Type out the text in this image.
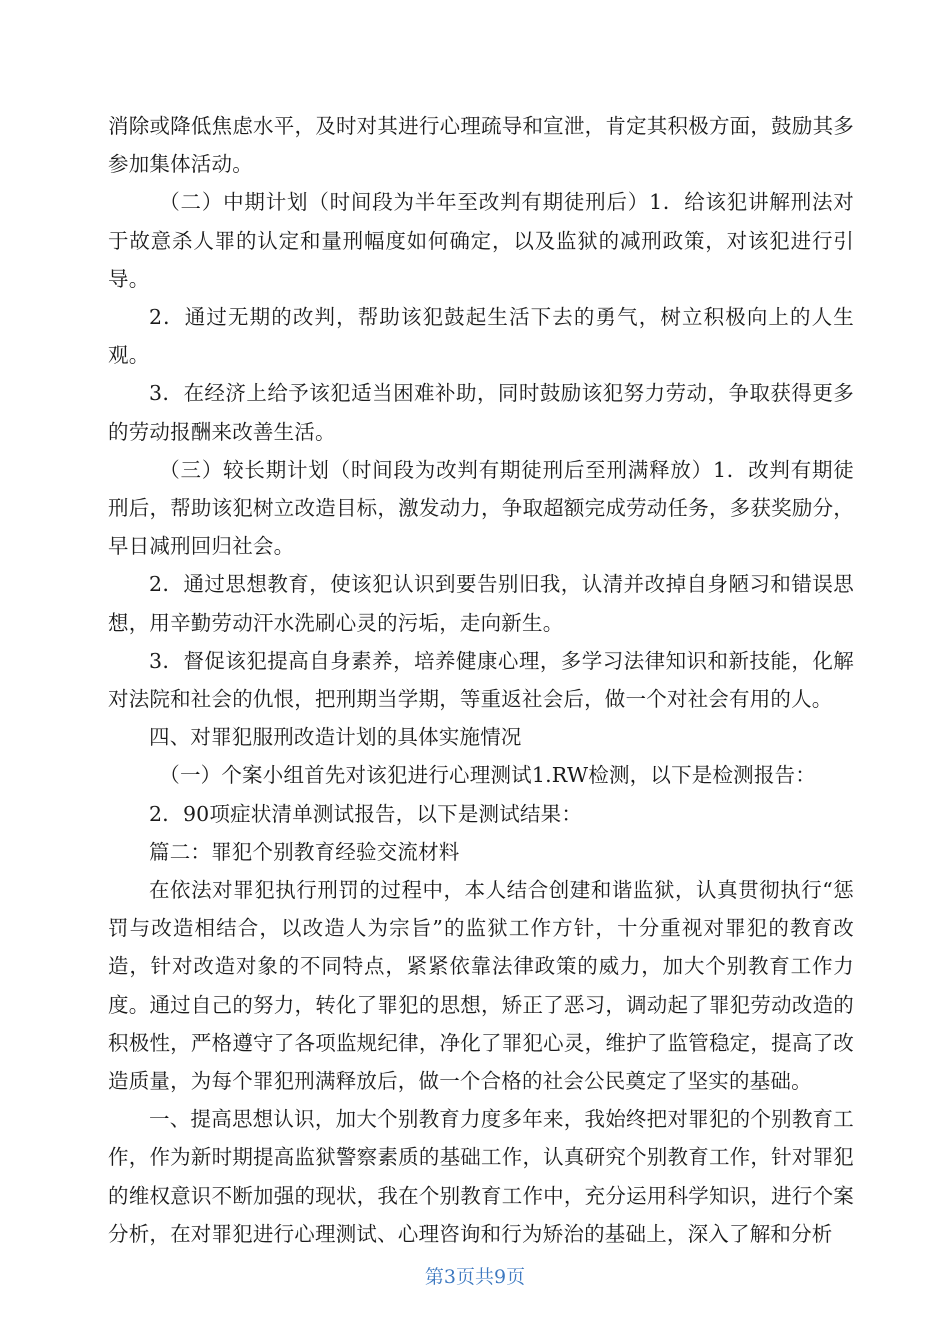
消除或降低焦虑水平，及时对其进行心理疏导和宣泄，肯定其积极方面，鼓励其多参加集体活动。

（二）中期计划（时间段为半年至改判有期徒刑后）1．给该犯讲解刑法对于故意杀人罪的认定和量刑幅度如何确定，以及监狱的减刑政策，对该犯进行引导。

2．通过无期的改判，帮助该犯鼓起生活下去的勇气，树立积极向上的人生观。

3．在经济上给予该犯适当困难补助，同时鼓励该犯努力劳动，争取获得更多的劳动报酬来改善生活。

（三）较长期计划（时间段为改判有期徒刑后至刑满释放）1．改判有期徒刑后，帮助该犯树立改造目标，激发动力，争取超额完成劳动任务，多获奖励分，早日减刑回归社会。

2．通过思想教育，使该犯认识到要告别旧我，认清并改掉自身陋习和错误思想，用辛勤劳动汗水洗刷心灵的污垢，走向新生。

3．督促该犯提高自身素养，培养健康心理，多学习法律知识和新技能，化解对法院和社会的仇恨，把刑期当学期，等重返社会后，做一个对社会有用的人。

四、对罪犯服刑改造计划的具体实施情况

（一）个案小组首先对该犯进行心理测试1.RW检测，以下是检测报告：

2．90项症状清单测试报告，以下是测试结果：

篇二：罪犯个别教育经验交流材料

在依法对罪犯执行刑罚的过程中，本人结合创建和谐监狱，认真贯彻执行“惩罚与改造相结合，以改造人为宗旨”的监狱工作方针，十分重视对罪犯的教育改造，针对改造对象的不同特点，紧紧依靠法律政策的威力，加大个别教育工作力度。通过自己的努力，转化了罪犯的思想，矫正了恶习，调动起了罪犯劳动改造的积极性，严格遵守了各项监规纪律，净化了罪犯心灵，维护了监管稳定，提高了改造质量，为每个罪犯刑满释放后，做一个合格的社会公民奠定了坚实的基础。

一、提高思想认识，加大个别教育力度多年来，我始终把对罪犯的个别教育工作，作为新时期提高监狱警察素质的基础工作，认真研究个别教育工作，针对罪犯的维权意识不断加强的现状，我在个别教育工作中，充分运用科学知识，进行个案分析，在对罪犯进行心理测试、心理咨询和行为矫治的基础上，深入了解和分析

第3页共9页
